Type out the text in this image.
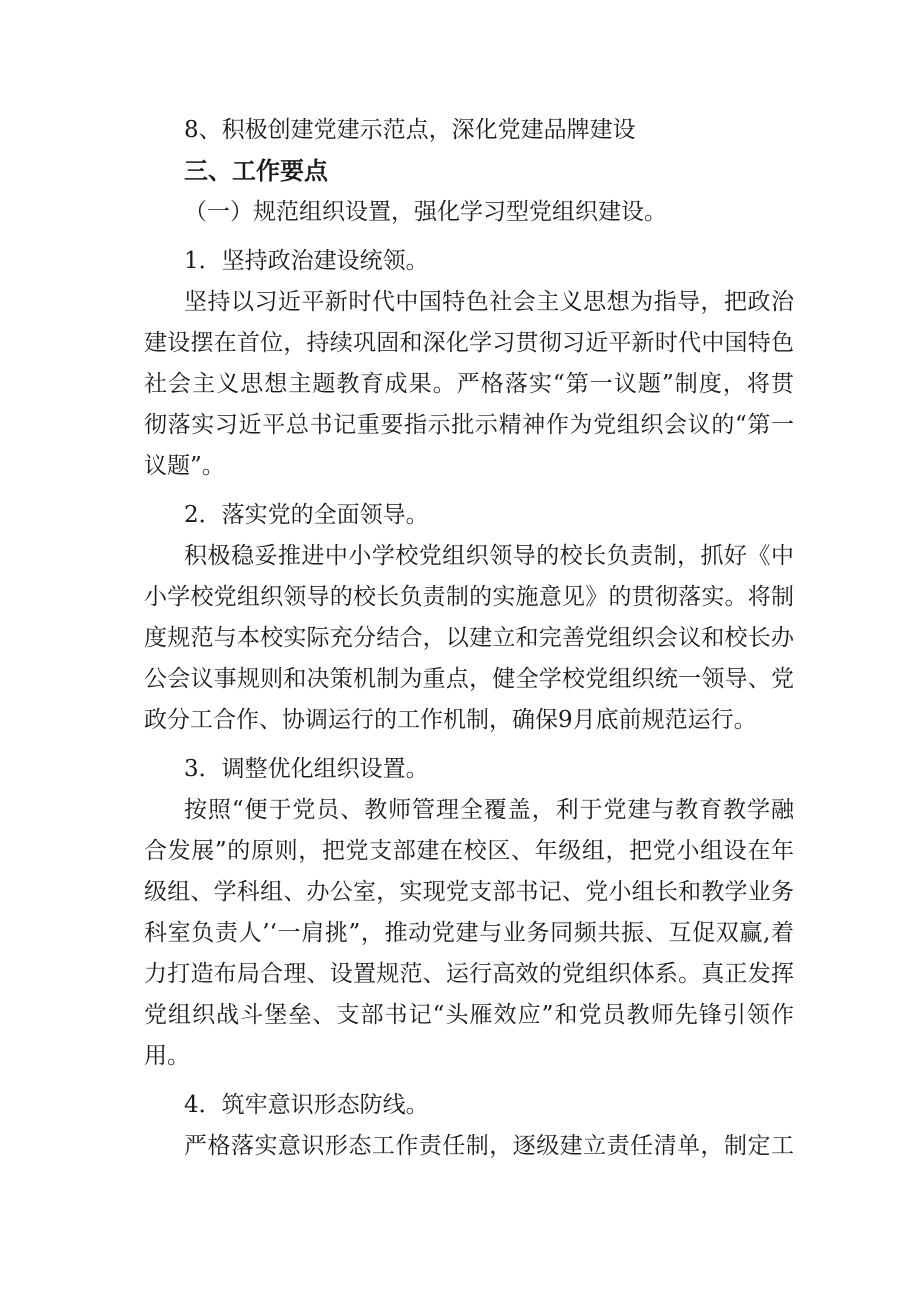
8、积极创建党建示范点，深化党建品牌建设
三、工作要点
（一）规范组织设置，强化学习型党组织建设。
1．坚持政治建设统领。
坚持以习近平新时代中国特色社会主义思想为指导，把政治
建设摆在首位，持续巩固和深化学习贯彻习近平新时代中国特色
社会主义思想主题教育成果。严格落实“第一议题”制度，将贯
彻落实习近平总书记重要指示批示精神作为党组织会议的“第一
议题”。
2．落实党的全面领导。
积极稳妥推进中小学校党组织领导的校长负责制，抓好《中
小学校党组织领导的校长负责制的实施意见》的贯彻落实。将制
度规范与本校实际充分结合，以建立和完善党组织会议和校长办
公会议事规则和决策机制为重点，健全学校党组织统一领导、党
政分工合作、协调运行的工作机制，确保9月底前规范运行。
3．调整优化组织设置。
按照“便于党员、教师管理全覆盖，利于党建与教育教学融
合发展”的原则，把党支部建在校区、年级组，把党小组设在年
级组、学科组、办公室，实现党支部书记、党小组长和教学业务
科室负责人’‘一肩挑”，推动党建与业务同频共振、互促双赢,着
力打造布局合理、设置规范、运行高效的党组织体系。真正发挥
党组织战斗堡垒、支部书记“头雁效应”和党员教师先锋引领作
用。
4．筑牢意识形态防线。
严格落实意识形态工作责任制，逐级建立责任清单，制定工
